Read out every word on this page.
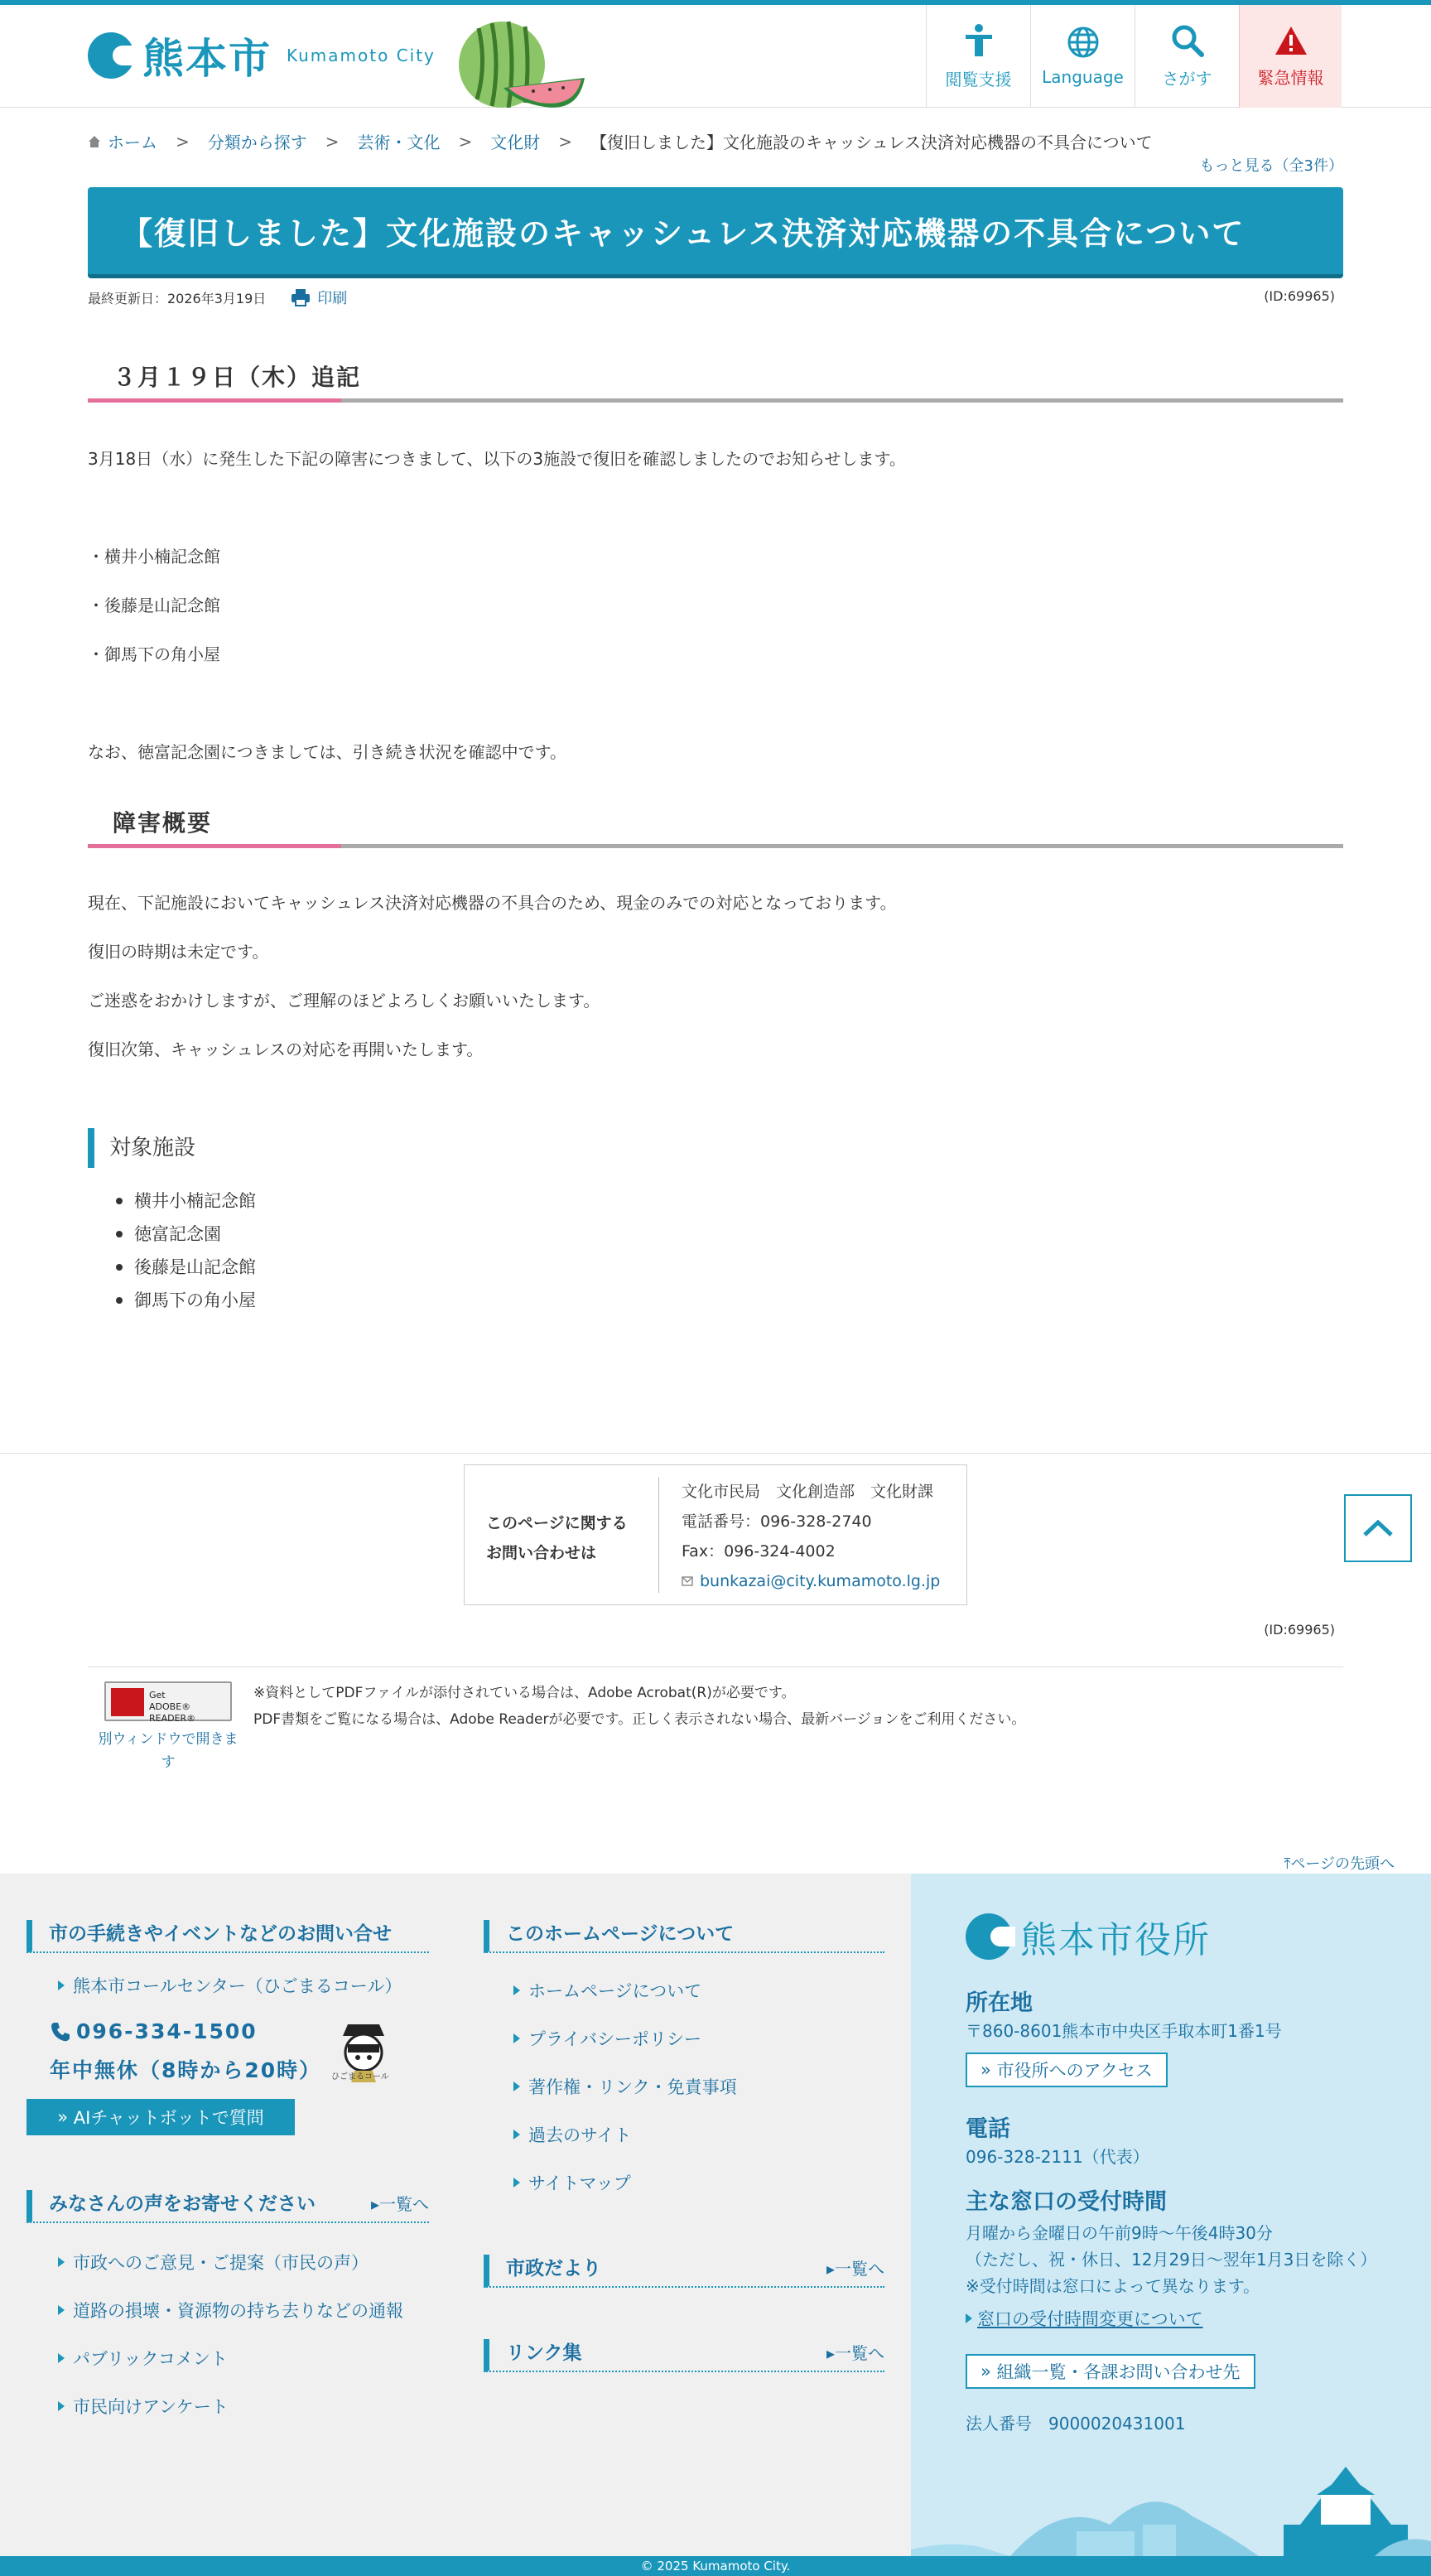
熊本市 Kumamoto City
閲覧支援 Language さがす	緊急情報
ホーム > 分類から探す > 芸術・文化 > 文化財 > 【復旧しました】文化施設のキャッシュレス決済対応機器の不具合について
もっと見る（全3件）
【復旧しました】文化施設のキャッシュレス決済対応機器の不具合について
最終更新日：2026年3月19日	印刷	(ID:69965)
３月１９日（木）追記

3月18日（水）に発生した下記の障害につきまして、以下の3施設で復旧を確認しましたのでお知らせします。

・横井小楠記念館

・後藤是山記念館

・御馬下の角小屋

なお、徳富記念園につきましては、引き続き状況を確認中です。

障害概要

現在、下記施設においてキャッシュレス決済対応機器の不具合のため、現金のみでの対応となっております。

復旧の時期は未定です。

ご迷惑をおかけしますが、ご理解のほどよろしくお願いいたします。

復旧次第、キャッシュレスの対応を再開いたします。

対象施設
横井小楠記念館
徳富記念園
後藤是山記念館
御馬下の角小屋
このページに関する
お問い合わせは
文化市民局　文化創造部　文化財課
電話番号：096-328-2740
Fax：096-324-4002
bunkazai@city.kumamoto.lg.jp
(ID:69965)
Get
ADOBE® READER®
別ウィンドウで開きます
※資料としてPDFファイルが添付されている場合は、Adobe Acrobat(R)が必要です。
PDF書類をご覧になる場合は、Adobe Readerが必要です。正しく表示されない場合、最新バージョンをご利用ください。
⤒ページの先頭へ
市の手続きやイベントなどのお問い合せ
熊本市コールセンター（ひごまるコール）
096-334-1500
年中無休（8時から20時） ひごまるコール
» AIチャットボットで質問
みなさんの声をお寄せください	▸一覧へ
市政へのご意見・ご提案（市民の声）
道路の損壊・資源物の持ち去りなどの通報
パブリックコメント
市民向けアンケート
このホームページについて
ホームページについて
プライバシーポリシー
著作権・リンク・免責事項
過去のサイト
サイトマップ
市政だより	▸一覧へ
リンク集	▸一覧へ
熊本市役所
所在地
〒860-8601熊本市中央区手取本町1番1号
» 市役所へのアクセス
電話
096-328-2111（代表）
主な窓口の受付時間
月曜から金曜日の午前9時〜午後4時30分
（ただし、祝・休日、12月29日〜翌年1月3日を除く）
※受付時間は窓口によって異なります。
窓口の受付時間変更について
» 組織一覧・各課お問い合わせ先
法人番号　9000020431001
© 2025 Kumamoto City.
